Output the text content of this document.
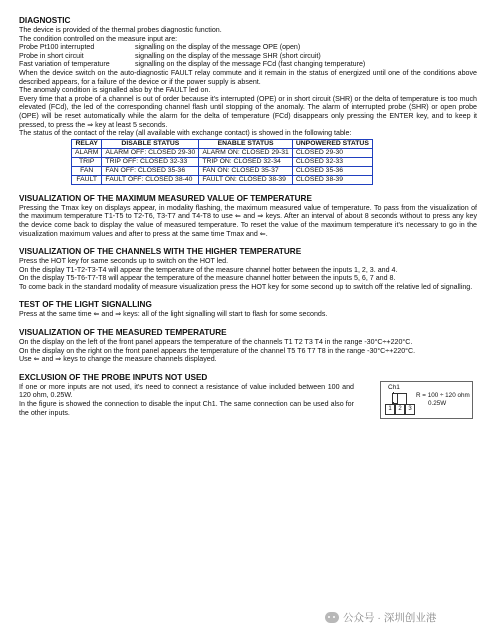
DIAGNOSTIC

The device is provided of the thermal probes diagnostic function.

The condition controlled on the measure input are:

Probe Pt100 interrupted	signalling on the display of the message OPE (open)
Probe in short circuit	signalling on the display of the message SHR (short circuit)
Fast variation of temperature	signalling on the display of the message FCd (fast changing temperature)

When the device switch on the auto-diagnostic FAULT relay commute and it remain in the status of energized until one of the conditions above described appears, for a failure of the device or if the power supply is absent.

The anomaly condition is signalled also by the FAULT led on.

Every time that a probe of a channel is out of order because it's interrupted (OPE) or in short circuit (SHR) or the delta of temperature is too much elevated (FCd), the led of the corresponding channel flash until stopping of the anomaly. The alarm of interrupted probe (SHR) or open probe (OPE) will be reset automatically while the alarm for the delta of temperature (FCd) disappears only pressing the ENTER key, and to keep it pressed, to press the ⇒ key at least 5 seconds.

The status of the contact of the relay (all available with exchange contact) is showed in the following table:

RELAY	DISABLE STATUS	ENABLE STATUS	UNPOWERED STATUS
ALARM	ALARM OFF: CLOSED 29-30	ALARM ON: CLOSED 29-31	CLOSED 29-30
TRIP	TRIP OFF: CLOSED 32-33	TRIP ON: CLOSED 32-34	CLOSED 32-33
FAN	FAN OFF: CLOSED 35-36	FAN ON: CLOSED 35-37	CLOSED 35-36
FAULT	FAULT OFF: CLOSED 38-40	FAULT ON: CLOSED 38-39	CLOSED 38-39

VISUALIZATION OF THE MAXIMUM MEASURED VALUE OF TEMPERATURE

Pressing the Tmax key on displays appear, in modality flashing, the maximum measured value of temperature. To pass from the visualization of the maximum temperature T1-T5 to T2-T6, T3-T7 and T4-T8 to use ⇐ and ⇒ keys. After an interval of about 8 seconds without to press any key the device come back to display the value of measured temperature. To reset the value of the maximum temperature it's necessary to go in the visualization maximum values and after to press at the same time Tmax and ⇐.

VISUALIZATION OF THE CHANNELS WITH THE HIGHER TEMPERATURE

Press the HOT key for same seconds up to switch on the HOT led.

On the display T1-T2-T3-T4 will appear the temperature of the measure channel hotter between the inputs 1, 2, 3. and 4.

On the display T5-T6-T7-T8 will appear the temperature of the measure channel hotter between the inputs 5, 6, 7 and 8.

To come back in the standard modality of measure visualization press the HOT key for some second up to switch off the relative led of signalling.

TEST OF THE LIGHT SIGNALLING

Press at the same time ⇐ and ⇒ keys: all of the light signalling will start to flash for some seconds.

VISUALIZATION OF THE MEASURED TEMPERATURE

On the display on the left of the front panel appears the temperature of the channels T1 T2 T3 T4 in the range -30°C÷+220°C.

On the display on the right on the front panel appears the temperature of the channel T5 T6 T7 T8 in the range -30°C÷+220°C.

Use ⇐ and ⇒ keys to change the measure channels displayed.

EXCLUSION OF THE PROBE INPUTS NOT USED

If one or more inputs are not used, it's need to connect a resistance of value included between 100 and 120 ohm, 0.25W.

In the figure is showed the connection to disable the input Ch1. The same connection can be used also for the other inputs.

Ch1
1	2	3
R = 100 ÷ 120 ohm
0.25W
公众号 · 深圳创业港
